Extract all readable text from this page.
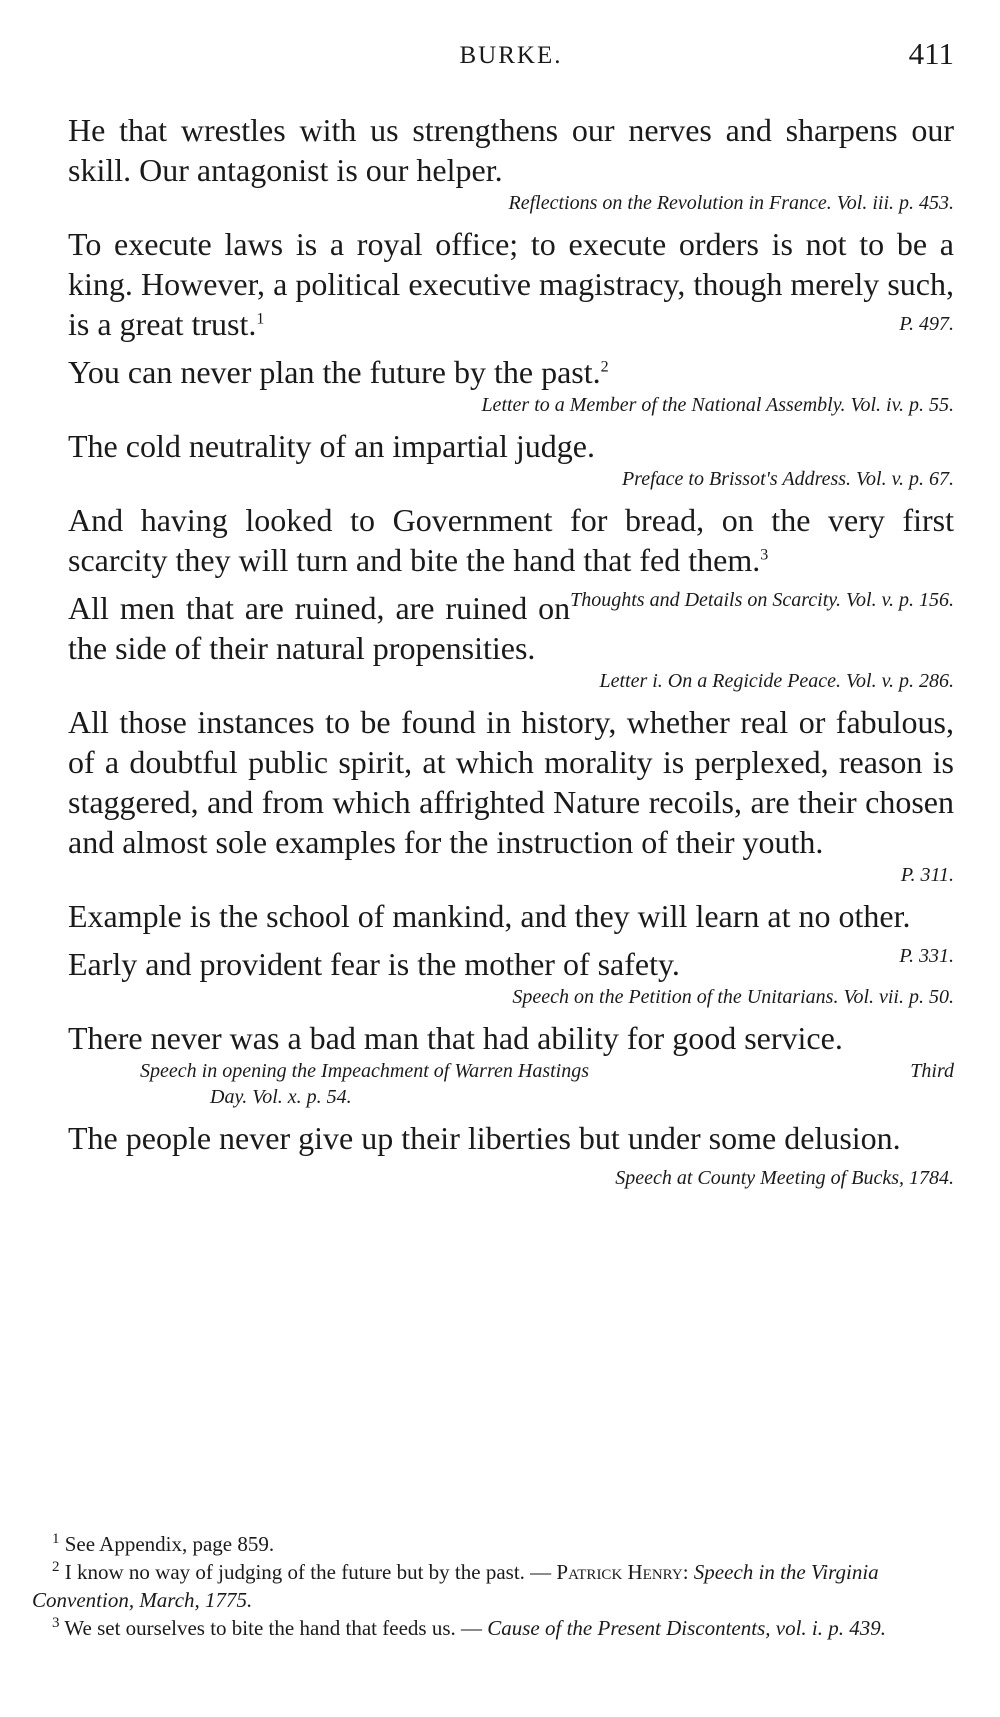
BURKE.	411

He that wrestles with us strengthens our nerves and sharpens our skill. Our antagonist is our helper.

Reflections on the Revolution in France. Vol. iii. p. 453.

To execute laws is a royal office; to execute orders is not to be a king. However, a political executive magistracy, though merely such, is a great trust.$^1$	P. 497.

You can never plan the future by the past.$^2$

Letter to a Member of the National Assembly. Vol. iv. p. 55.

The cold neutrality of an impartial judge.

Preface to Brissot's Address. Vol. v. p. 67.

And having looked to Government for bread, on the very first scarcity they will turn and bite the hand that fed them.$^3$
Thoughts and Details on Scarcity. Vol. v. p. 156.

All men that are ruined, are ruined on the side of their natural propensities.

Letter i. On a Regicide Peace. Vol. v. p. 286.

All those instances to be found in history, whether real or fabulous, of a doubtful public spirit, at which morality is perplexed, reason is staggered, and from which affrighted Nature recoils, are their chosen and almost sole examples for the instruction of their youth.

P. 311.

Example is the school of mankind, and they will learn at no other.
P. 331.

Early and provident fear is the mother of safety.

Speech on the Petition of the Unitarians. Vol. vii. p. 50.

There never was a bad man that had ability for good service.

Speech in opening the Impeachment of Warren Hastings	Third
Day. Vol. x. p. 54.

The people never give up their liberties but under some delusion.
Speech at County Meeting of Bucks, 1784.

$^1$ See Appendix, page 859.

$^2$ I know no way of judging of the future but by the past. — Patrick Henry: Speech in the Virginia Convention, March, 1775.

$^3$ We set ourselves to bite the hand that feeds us. — Cause of the Present Discontents, vol. i. p. 439.
